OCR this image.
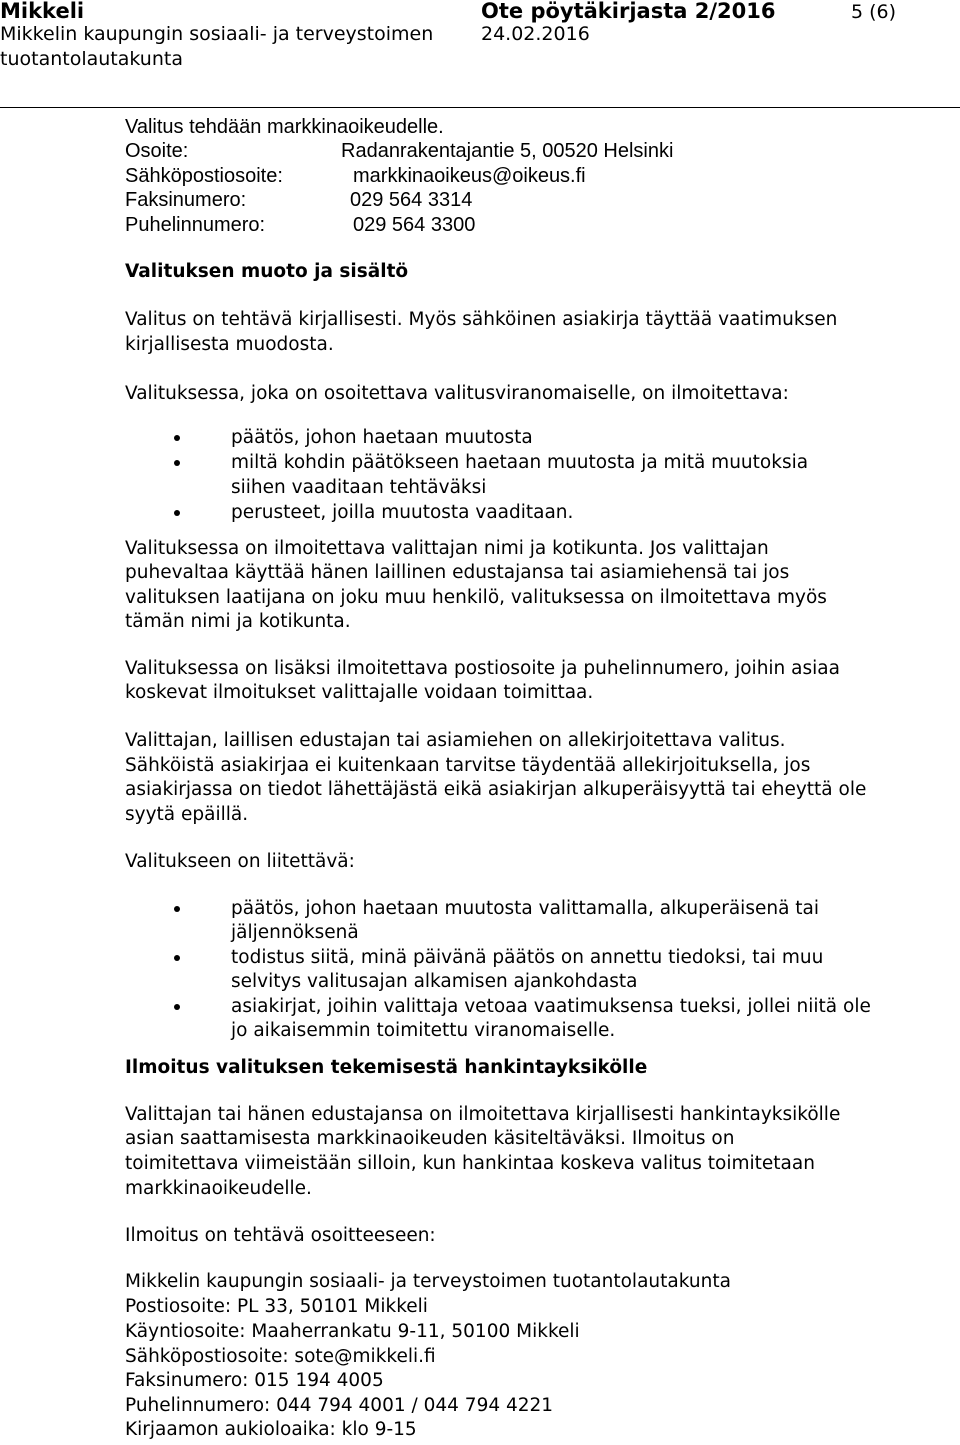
Mikkeli
Mikkelin kaupungin sosiaali- ja terveystoimen
tuotantolautakunta
Ote pöytäkirjasta 2/2016
24.02.2016
5 (6)
Valitus tehdään markkinaoikeudelle.
Osoite:	Radanrakentajantie 5, 00520 Helsinki
Sähköpostiosoite:	markkinaoikeus@oikeus.fi
Faksinumero:	029 564 3314
Puhelinnumero:	029 564 3300
Valituksen muoto ja sisältö
Valitus on tehtävä kirjallisesti. Myös sähköinen asiakirja täyttää vaatimuksen
kirjallisesta muodosta.
Valituksessa, joka on osoitettava valitusviranomaiselle, on ilmoitettava:
päätös, johon haetaan muutosta
miltä kohdin päätökseen haetaan muutosta ja mitä muutoksia
siihen vaaditaan tehtäväksi
perusteet, joilla muutosta vaaditaan.
Valituksessa on ilmoitettava valittajan nimi ja kotikunta. Jos valittajan
puhevaltaa käyttää hänen laillinen edustajansa tai asiamiehensä tai jos
valituksen laatijana on joku muu henkilö, valituksessa on ilmoitettava myös
tämän nimi ja kotikunta.
Valituksessa on lisäksi ilmoitettava postiosoite ja puhelinnumero, joihin asiaa
koskevat ilmoitukset valittajalle voidaan toimittaa.
Valittajan, laillisen edustajan tai asiamiehen on allekirjoitettava valitus.
Sähköistä asiakirjaa ei kuitenkaan tarvitse täydentää allekirjoituksella, jos
asiakirjassa on tiedot lähettäjästä eikä asiakirjan alkuperäisyyttä tai eheyttä ole
syytä epäillä.
Valitukseen on liitettävä:
päätös, johon haetaan muutosta valittamalla, alkuperäisenä tai
jäljennöksenä
todistus siitä, minä päivänä päätös on annettu tiedoksi, tai muu
selvitys valitusajan alkamisen ajankohdasta
asiakirjat, joihin valittaja vetoaa vaatimuksensa tueksi, jollei niitä ole
jo aikaisemmin toimitettu viranomaiselle.
Ilmoitus valituksen tekemisestä hankintayksikölle
Valittajan tai hänen edustajansa on ilmoitettava kirjallisesti hankintayksikölle
asian saattamisesta markkinaoikeuden käsiteltäväksi. Ilmoitus on
toimitettava viimeistään silloin, kun hankintaa koskeva valitus toimitetaan
markkinaoikeudelle.
Ilmoitus on tehtävä osoitteeseen:
Mikkelin kaupungin sosiaali- ja terveystoimen tuotantolautakunta
Postiosoite: PL 33, 50101 Mikkeli
Käyntiosoite: Maaherrankatu 9-11, 50100 Mikkeli
Sähköpostiosoite: sote@mikkeli.fi
Faksinumero: 015 194 4005
Puhelinnumero: 044 794 4001 / 044 794 4221
Kirjaamon aukioloaika: klo 9-15
